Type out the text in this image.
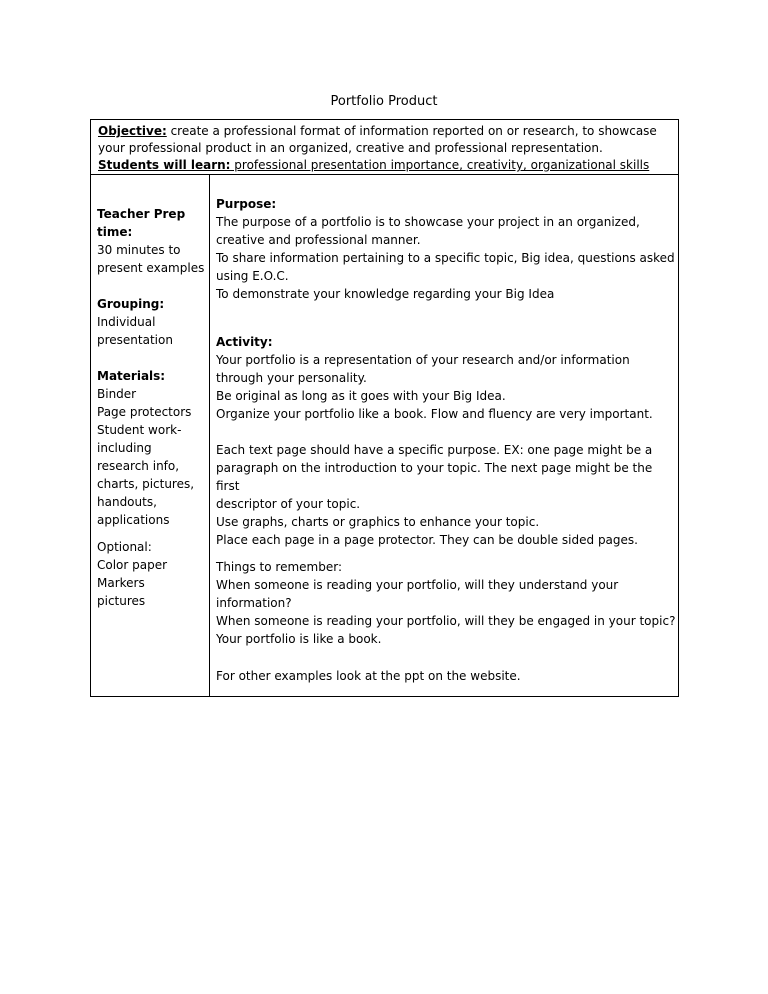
Portfolio Product
Objective: create a professional format of information reported on or research, to showcase your professional product in an organized, creative and professional representation.
Students will learn: professional presentation importance, creativity, organizational skills
Teacher Prep
time:
30 minutes to
present examples
Grouping:
Individual
presentation
Materials:
Binder
Page protectors
Student work-
including
research info,
charts, pictures,
handouts,
applications
Optional:
Color paper
Markers
pictures
Purpose:
The purpose of a portfolio is to showcase your project in an organized,
creative and professional manner.
To share information pertaining to a specific topic, Big idea, questions asked
using E.O.C.
To demonstrate your knowledge regarding your Big Idea
Activity:
Your portfolio is a representation of your research and/or information
through your personality.
Be original as long as it goes with your Big Idea.
Organize your portfolio like a book. Flow and fluency are very important.
Each text page should have a specific purpose. EX: one page might be a
paragraph on the introduction to your topic. The next page might be the first
descriptor of your topic.
Use graphs, charts or graphics to enhance your topic.
Place each page in a page protector. They can be double sided pages.
Things to remember:
When someone is reading your portfolio, will they understand your
information?
When someone is reading your portfolio, will they be engaged in your topic?
Your portfolio is like a book.
For other examples look at the ppt on the website.
